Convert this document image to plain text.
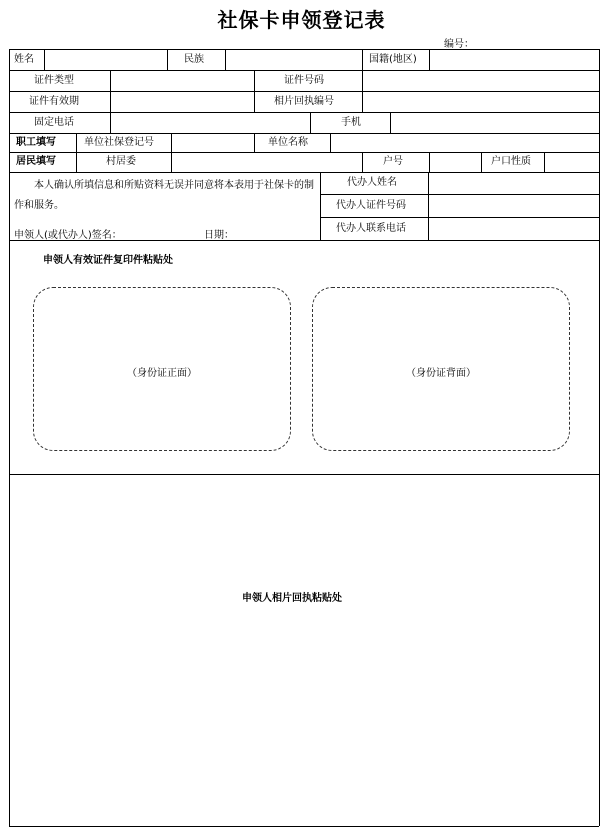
社保卡申领登记表
编号：
姓名	民族	国籍(地区)
证件类型	证件号码
证件有效期	相片回执编号
固定电话	手机
职工填写	单位社保登记号	单位名称
居民填写	村居委	户号	户口性质
本人确认所填信息和所贴资料无误并同意将本表用于社保卡的制作和服务。
申领人(或代办人)签名：	日期：
代办人姓名
代办人证件号码
代办人联系电话
申领人有效证件复印件粘贴处
（身份证正面）	（身份证背面）
申领人相片回执粘贴处
